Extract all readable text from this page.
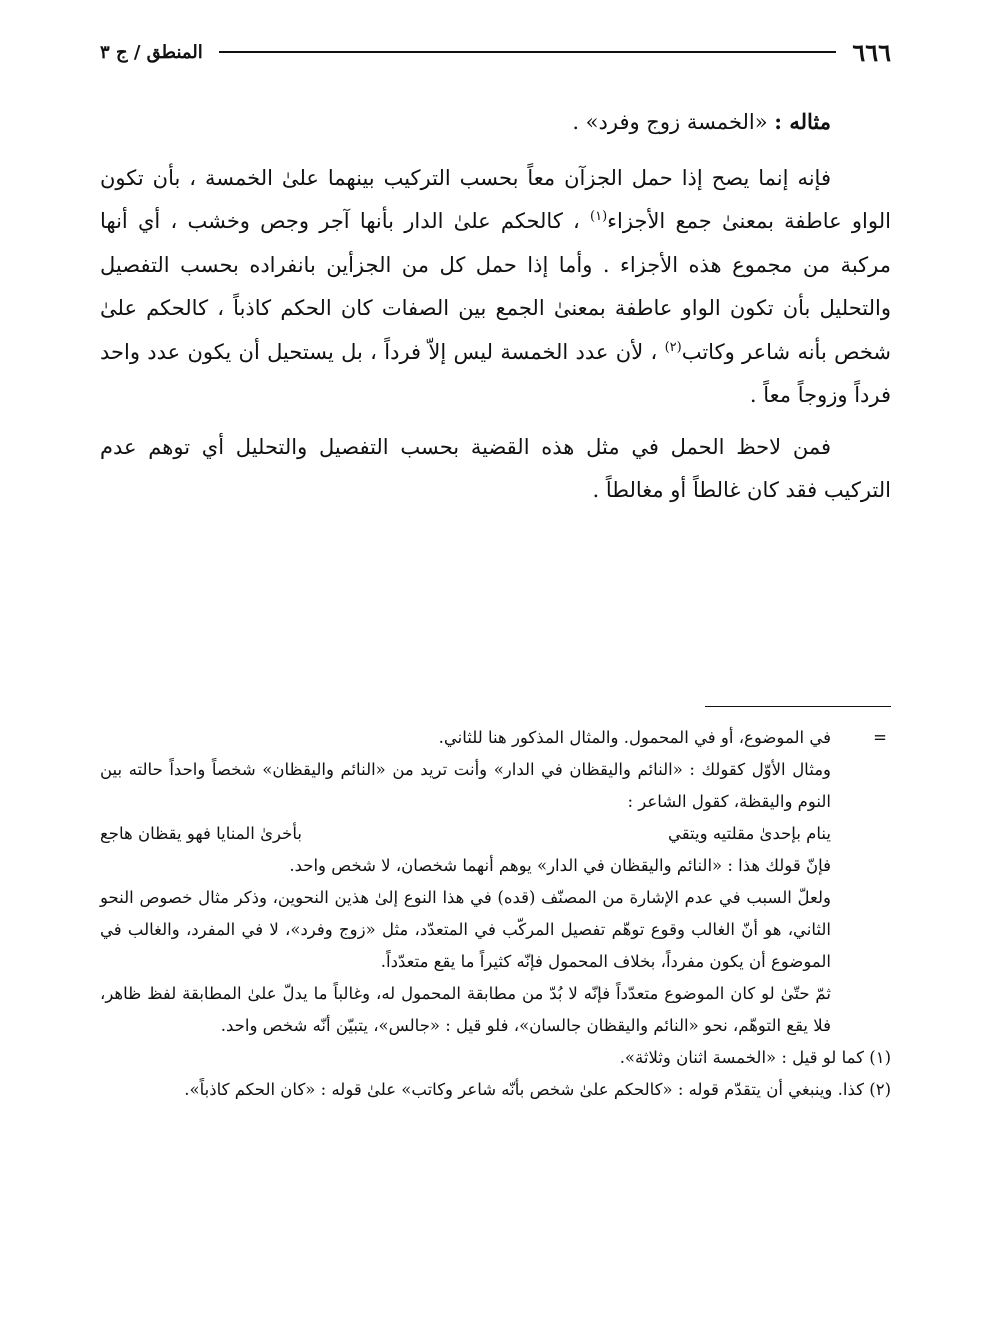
٦٦٦
المنطق / ج ٣

مثاله : «الخمسة زوج وفرد» .

فإنه إنما يصح إذا حمل الجزآن معاً بحسب التركيب بينهما علىٰ الخمسة ، بأن تكون الواو عاطفة بمعنىٰ جمع الأجزاء$^{(١)}$ ، كالحكم علىٰ الدار بأنها آجر وجص وخشب ، أي أنها مركبة من مجموع هذه الأجزاء . وأما إذا حمل كل من الجزأين بانفراده بحسب التفصيل والتحليل بأن تكون الواو عاطفة بمعنىٰ الجمع بين الصفات كان الحكم كاذباً ، كالحكم علىٰ شخص بأنه شاعر وكاتب$^{(٢)}$ ، لأن عدد الخمسة ليس إلاّ فرداً ، بل يستحيل أن يكون عدد واحد فرداً وزوجاً معاً .

فمن لاحظ الحمل في مثل هذه القضية بحسب التفصيل والتحليل أي توهم عدم التركيب فقد كان غالطاً أو مغالطاً .

=

في الموضوع، أو في المحمول. والمثال المذكور هنا للثاني.

ومثال الأوّل كقولك : «النائم واليقظان في الدار» وأنت تريد من «النائم واليقظان» شخصاً واحداً حالته بين النوم واليقظة، كقول الشاعر :

ينام بإحدىٰ مقلتيه ويتقي
بأخرىٰ المنايا فهو يقظان هاجع

فإنّ قولك هذا : «النائم واليقظان في الدار» يوهم أنهما شخصان، لا شخص واحد.

ولعلّ السبب في عدم الإشارة من المصنّف (قده) في هذا النوع إلىٰ هذين النحوين، وذكر مثال خصوص النحو الثاني، هو أنّ الغالب وقوع توهّم تفصيل المركّب في المتعدّد، مثل «زوج وفرد»، لا في المفرد، والغالب في الموضوع أن يكون مفرداً، بخلاف المحمول فإنّه كثيراً ما يقع متعدّداً.

ثمّ حتّىٰ لو كان الموضوع متعدّداً فإنّه لا بُدّ من مطابقة المحمول له، وغالباً ما يدلّ علىٰ المطابقة لفظ ظاهر، فلا يقع التوهّم، نحو «النائم واليقظان جالسان»، فلو قيل : «جالس»، يتبيّن أنّه شخص واحد.

(١) كما لو قيل : «الخمسة اثنان وثلاثة».

(٢) كذا. وينبغي أن يتقدّم قوله : «كالحكم علىٰ شخص بأنّه شاعر وكاتب» علىٰ قوله : «كان الحكم كاذباً».
